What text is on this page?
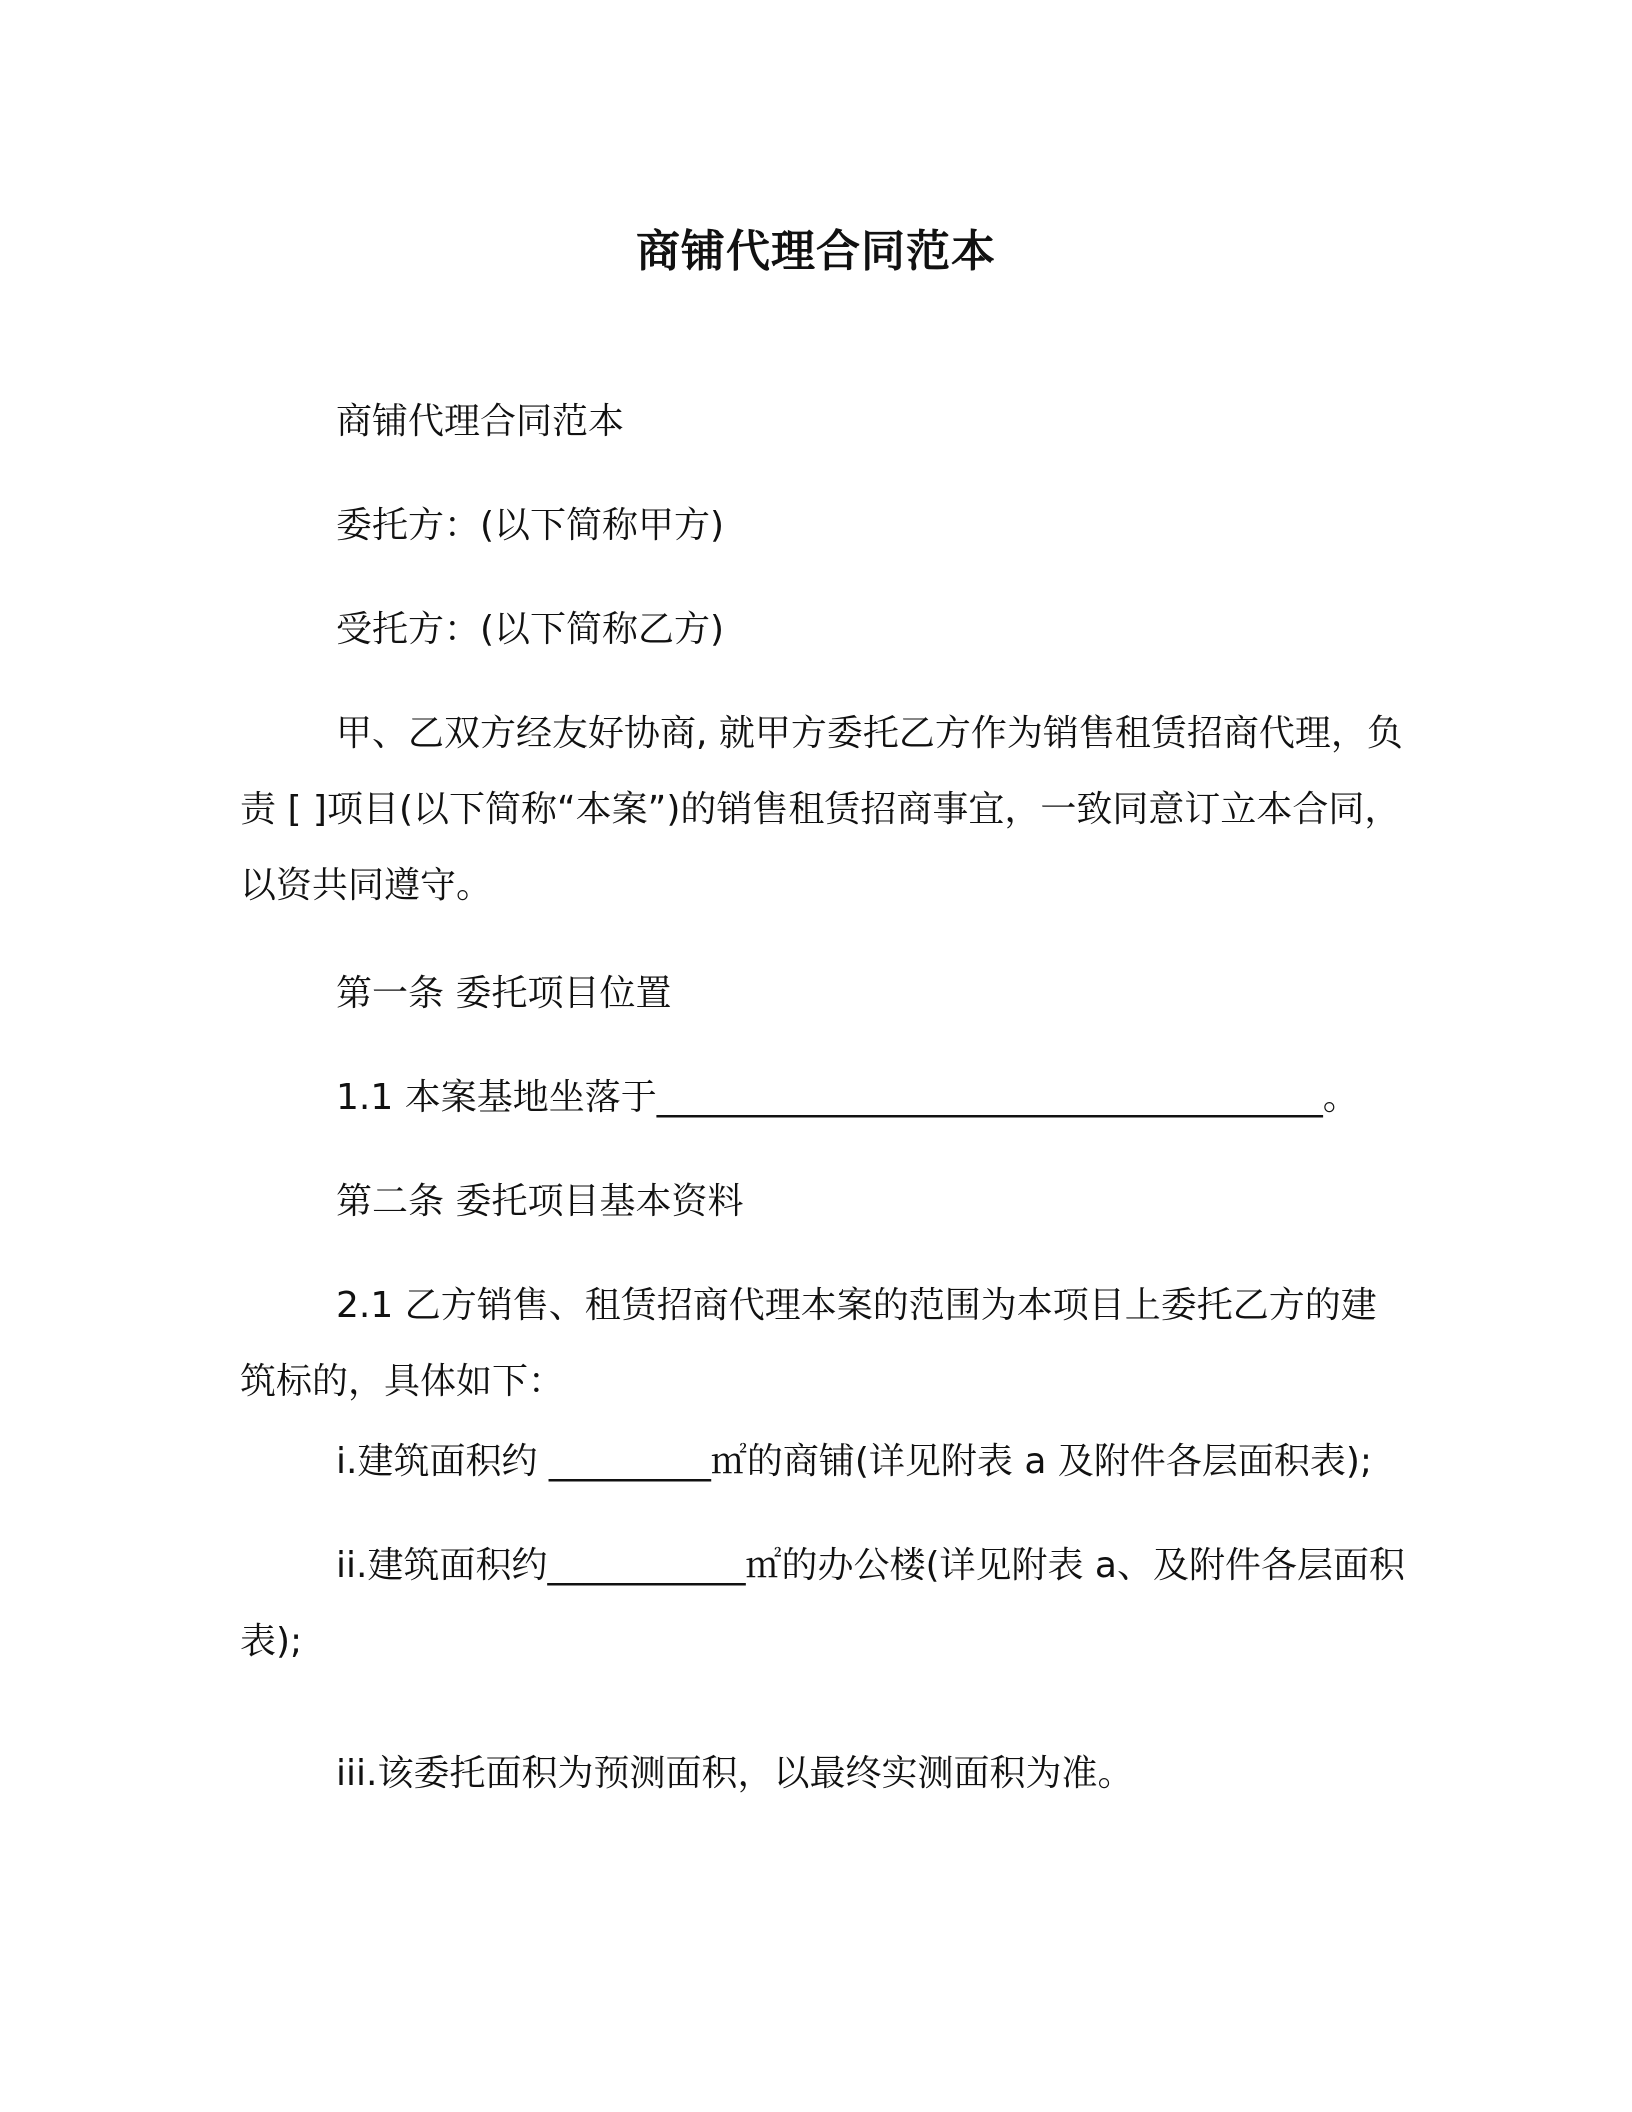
商铺代理合同范本

商铺代理合同范本

委托方：(以下简称甲方)

受托方：(以下简称乙方)

甲、乙双方经友好协商, 就甲方委托乙方作为销售租赁招商代理，负责 [ ]项目(以下简称“本案”)的销售租赁招商事宜，一致同意订立本合同，以资共同遵守。

第一条 委托项目位置

1.1 本案基地坐落于_____________________________________。

第二条 委托项目基本资料

2.1 乙方销售、租赁招商代理本案的范围为本项目上委托乙方的建筑标的，具体如下：

i.建筑面积约 _________㎡的商铺(详见附表 a 及附件各层面积表);

ii.建筑面积约___________㎡的办公楼(详见附表 a、及附件各层面积表);

iii.该委托面积为预测面积，以最终实测面积为准。
